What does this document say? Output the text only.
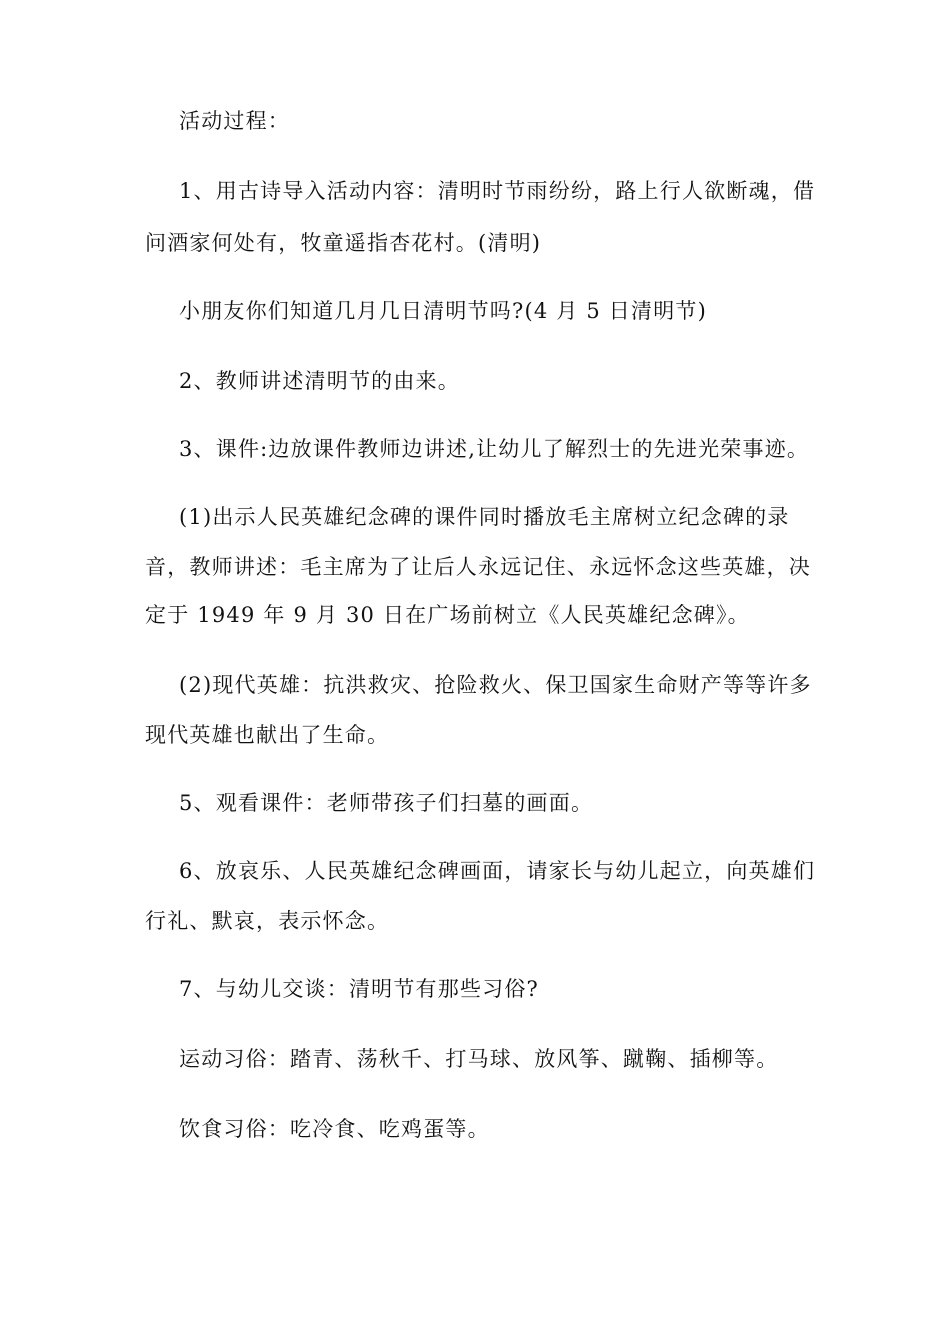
活动过程：
1、用古诗导入活动内容：清明时节雨纷纷，路上行人欲断魂，借
问酒家何处有，牧童遥指杏花村。(清明)
小朋友你们知道几月几日清明节吗?(4 月 5 日清明节)
2、教师讲述清明节的由来。
3、课件:边放课件教师边讲述,让幼儿了解烈士的先进光荣事迹。
(1)出示人民英雄纪念碑的课件同时播放毛主席树立纪念碑的录
音，教师讲述：毛主席为了让后人永远记住、永远怀念这些英雄，决
定于 1949 年 9 月 30 日在广场前树立《人民英雄纪念碑》。
(2)现代英雄：抗洪救灾、抢险救火、保卫国家生命财产等等许多
现代英雄也献出了生命。
5、观看课件：老师带孩子们扫墓的画面。
6、放哀乐、人民英雄纪念碑画面，请家长与幼儿起立，向英雄们
行礼、默哀，表示怀念。
7、与幼儿交谈：清明节有那些习俗?
运动习俗：踏青、荡秋千、打马球、放风筝、蹴鞠、插柳等。
饮食习俗：吃冷食、吃鸡蛋等。
